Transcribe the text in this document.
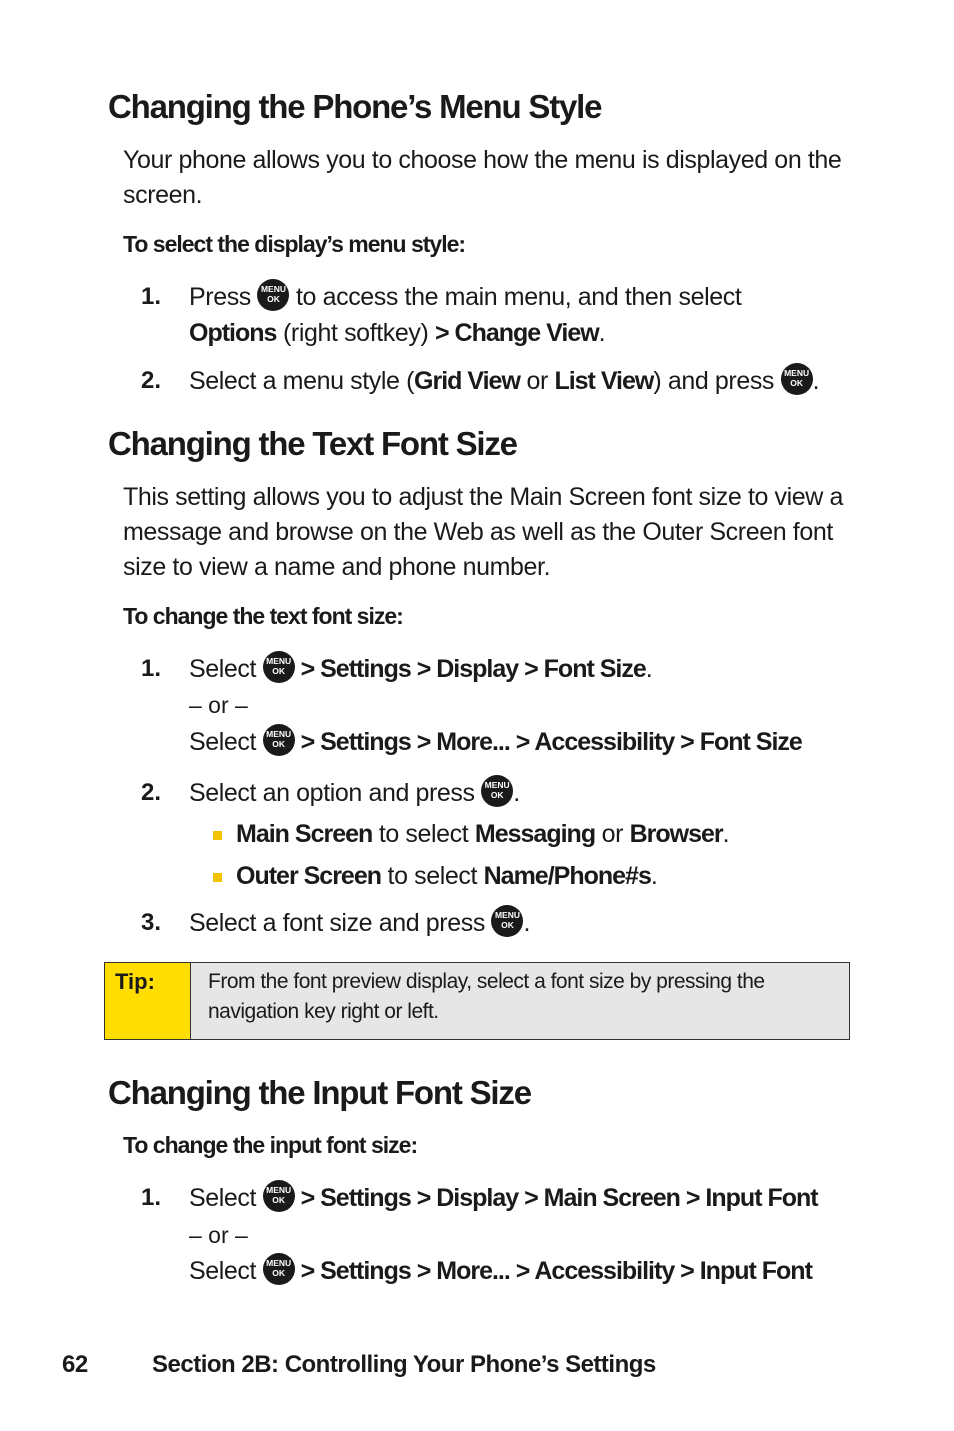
Changing the Phone’s Menu Style
Your phone allows you to choose how the menu is displayed on the screen.
To select the display’s menu style:
1. Press	MENU
OK to access the main menu, and then select
Options (right softkey) > Change View.
2. Select a menu style (Grid View or List View) and press	MENU
OK .
Changing the Text Font Size
This setting allows you to adjust the Main Screen font size to view a message and browse on the Web as well as the Outer Screen font size to view a name and phone number.
To change the text font size:
1. Select	MENU
OK > Settings > Display > Font Size.
– or –
Select	MENU
OK > Settings > More... > Accessibility > Font Size
2. Select an option and press	MENU
OK .
Main Screen to select Messaging or Browser.
Outer Screen to select Name/Phone#s.
3. Select a font size and press	MENU
OK .
Tip:	From the font preview display, select a font size by pressing the navigation key right or left.
Changing the Input Font Size
To change the input font size:
1. Select	MENU
OK > Settings > Display > Main Screen > Input Font
– or –
Select	MENU
OK > Settings > More... > Accessibility > Input Font
62	Section 2B: Controlling Your Phone’s Settings
